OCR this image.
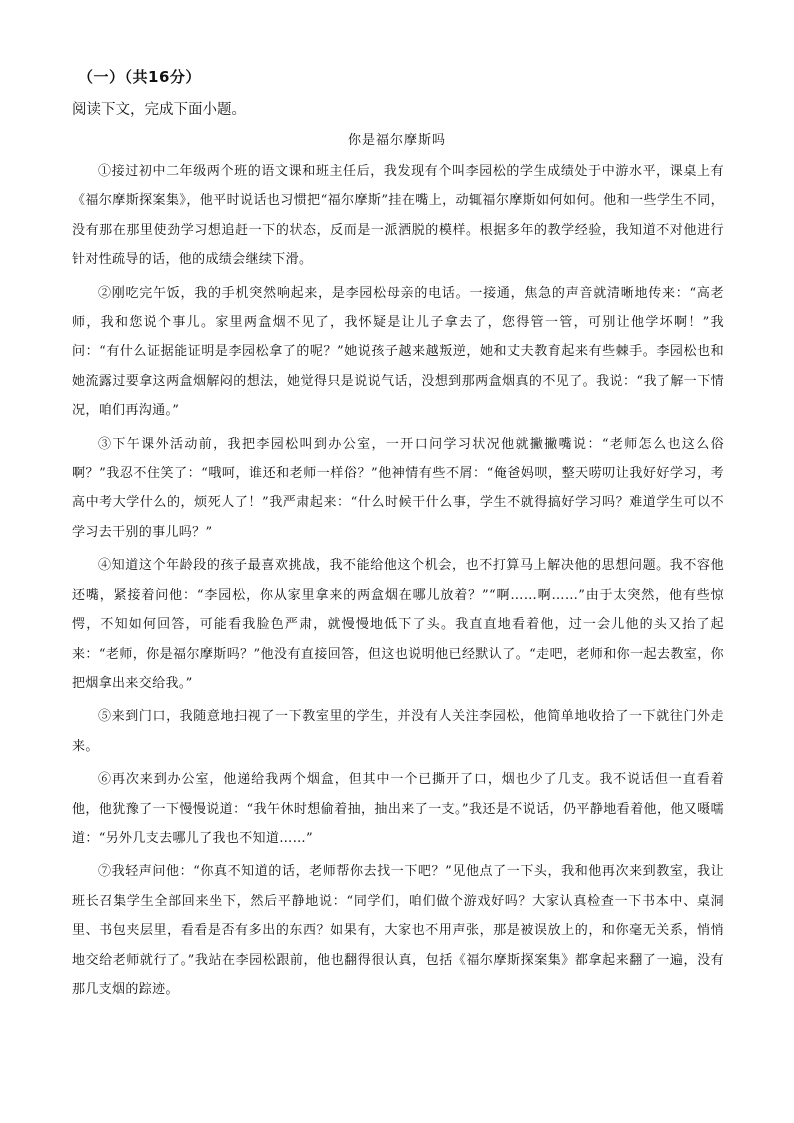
（一）（共16分）
阅读下文，完成下面小题。
你是福尔摩斯吗

①接过初中二年级两个班的语文课和班主任后，我发现有个叫李园松的学生成绩处于中游水平，课桌上有《福尔摩斯探案集》，他平时说话也习惯把“福尔摩斯”挂在嘴上，动辄福尔摩斯如何如何。他和一些学生不同，没有那在那里使劲学习想追赶一下的状态，反而是一派洒脱的模样。根据多年的教学经验，我知道不对他进行针对性疏导的话，他的成绩会继续下滑。

②刚吃完午饭，我的手机突然响起来，是李园松母亲的电话。一接通，焦急的声音就清晰地传来：“高老师，我和您说个事儿。家里两盒烟不见了，我怀疑是让儿子拿去了，您得管一管，可别让他学坏啊！”我问：“有什么证据能证明是李园松拿了的呢？”她说孩子越来越叛逆，她和丈夫教育起来有些棘手。李园松也和她流露过要拿这两盒烟解闷的想法，她觉得只是说说气话，没想到那两盒烟真的不见了。我说：“我了解一下情况，咱们再沟通。”

③下午课外活动前，我把李园松叫到办公室，一开口问学习状况他就撇撇嘴说：“老师怎么也这么俗啊？”我忍不住笑了：“哦呵，谁还和老师一样俗？”他神情有些不屑：“俺爸妈呗，整天唠叨让我好好学习，考高中考大学什么的，烦死人了！”我严肃起来：“什么时候干什么事，学生不就得搞好学习吗？难道学生可以不学习去干别的事儿吗？”

④知道这个年龄段的孩子最喜欢挑战，我不能给他这个机会，也不打算马上解决他的思想问题。我不容他还嘴，紧接着问他：“李园松，你从家里拿来的两盒烟在哪儿放着？”“啊……啊……”由于太突然，他有些惊愕，不知如何回答，可能看我脸色严肃，就慢慢地低下了头。我直直地看着他，过一会儿他的头又抬了起来：“老师，你是福尔摩斯吗？”他没有直接回答，但这也说明他已经默认了。“走吧，老师和你一起去教室，你把烟拿出来交给我。”

⑤来到门口，我随意地扫视了一下教室里的学生，并没有人关注李园松，他简单地收拾了一下就往门外走来。

⑥再次来到办公室，他递给我两个烟盒，但其中一个已撕开了口，烟也少了几支。我不说话但一直看着他，他犹豫了一下慢慢说道：“我午休时想偷着抽，抽出来了一支。”我还是不说话，仍平静地看着他，他又嗫嚅道：“另外几支去哪儿了我也不知道……”

⑦我轻声问他：“你真不知道的话，老师帮你去找一下吧？”见他点了一下头，我和他再次来到教室，我让班长召集学生全部回来坐下，然后平静地说：“同学们，咱们做个游戏好吗？大家认真检查一下书本中、桌洞里、书包夹层里，看看是否有多出的东西？如果有，大家也不用声张，那是被误放上的，和你毫无关系，悄悄地交给老师就行了。”我站在李园松跟前，他也翻得很认真，包括《福尔摩斯探案集》都拿起来翻了一遍，没有那几支烟的踪迹。
